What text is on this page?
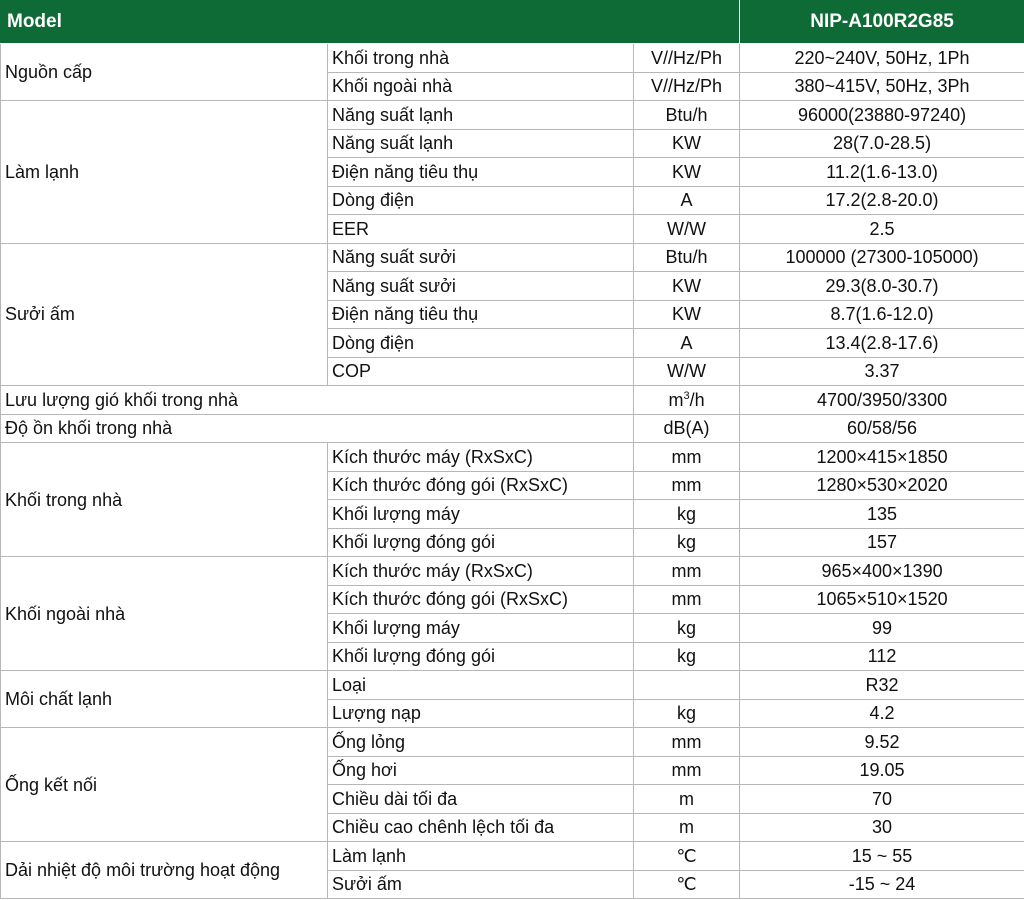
Model			NIP-A100R2G85
Nguồn cấp	Khối trong nhà	V//Hz/Ph	220~240V, 50Hz, 1Ph
	Khối ngoài nhà	V//Hz/Ph	380~415V, 50Hz, 3Ph
Làm lạnh	Năng suất lạnh	Btu/h	96000(23880-97240)
	Năng suất lạnh	KW	28(7.0-28.5)
	Điện năng tiêu thụ	KW	11.2(1.6-13.0)
	Dòng điện	A	17.2(2.8-20.0)
	EER	W/W	2.5
Sưởi ấm	Năng suất sưởi	Btu/h	100000 (27300-105000)
	Năng suất sưởi	KW	29.3(8.0-30.7)
	Điện năng tiêu thụ	KW	8.7(1.6-12.0)
	Dòng điện	A	13.4(2.8-17.6)
	COP	W/W	3.37
Lưu lượng gió khối trong nhà		$m^3/h$	4700/3950/3300
Độ ồn khối trong nhà		dB(A)	60/58/56
Khối trong nhà	Kích thước máy (RxSxC)	mm	1200×415×1850
	Kích thước đóng gói (RxSxC)	mm	1280×530×2020
	Khối lượng máy	kg	135
	Khối lượng đóng gói	kg	157
Khối ngoài nhà	Kích thước máy (RxSxC)	mm	965×400×1390
	Kích thước đóng gói (RxSxC)	mm	1065×510×1520
	Khối lượng máy	kg	99
	Khối lượng đóng gói	kg	112
Môi chất lạnh	Loại		R32
	Lượng nạp	kg	4.2
Ống kết nối	Ống lỏng	mm	9.52
	Ống hơi	mm	19.05
	Chiều dài tối đa	m	70
	Chiều cao chênh lệch tối đa	m	30
Dải nhiệt độ môi trường hoạt động	Làm lạnh	℃	15 ~ 55
	Sưởi ấm	℃	-15 ~ 24
